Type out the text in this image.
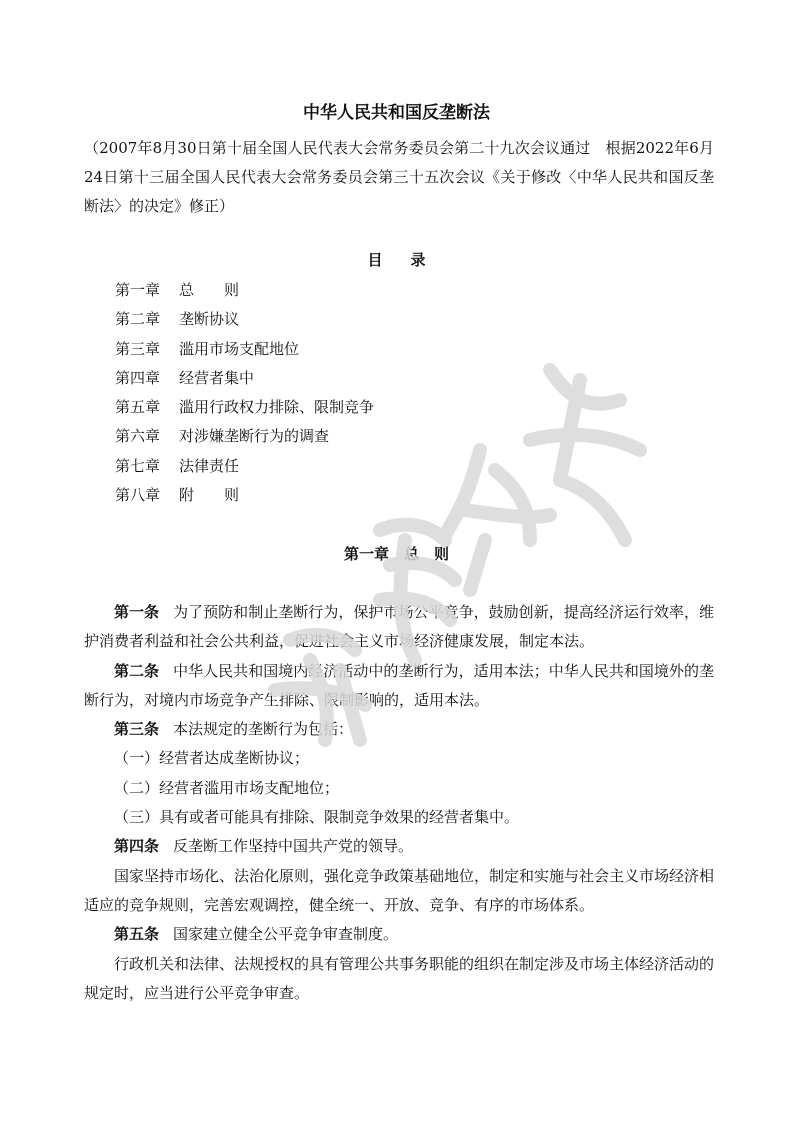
中华人民共和国反垄断法
（2007年8月30日第十届全国人民代表大会常务委员会第二十九次会议通过　根据2022年6月24日第十三届全国人民代表大会常务委员会第三十五次会议《关于修改〈中华人民共和国反垄断法〉的决定》修正）
目录
第一章 总　　则
第二章 垄断协议
第三章 滥用市场支配地位
第四章 经营者集中
第五章 滥用行政权力排除、限制竞争
第六章 对涉嫌垄断行为的调查
第七章 法律责任
第八章 附　　则
第一章　总　则

第一条 为了预防和制止垄断行为，保护市场公平竞争，鼓励创新，提高经济运行效率，维护消费者利益和社会公共利益，促进社会主义市场经济健康发展，制定本法。

第二条 中华人民共和国境内经济活动中的垄断行为，适用本法；中华人民共和国境外的垄断行为，对境内市场竞争产生排除、限制影响的，适用本法。

第三条 本法规定的垄断行为包括：

（一）经营者达成垄断协议；

（二）经营者滥用市场支配地位；

（三）具有或者可能具有排除、限制竞争效果的经营者集中。

第四条 反垄断工作坚持中国共产党的领导。

国家坚持市场化、法治化原则，强化竞争政策基础地位，制定和实施与社会主义市场经济相适应的竞争规则，完善宏观调控，健全统一、开放、竞争、有序的市场体系。

第五条 国家建立健全公平竞争审查制度。

行政机关和法律、法规授权的具有管理公共事务职能的组织在制定涉及市场主体经济活动的规定时，应当进行公平竞争审查。
